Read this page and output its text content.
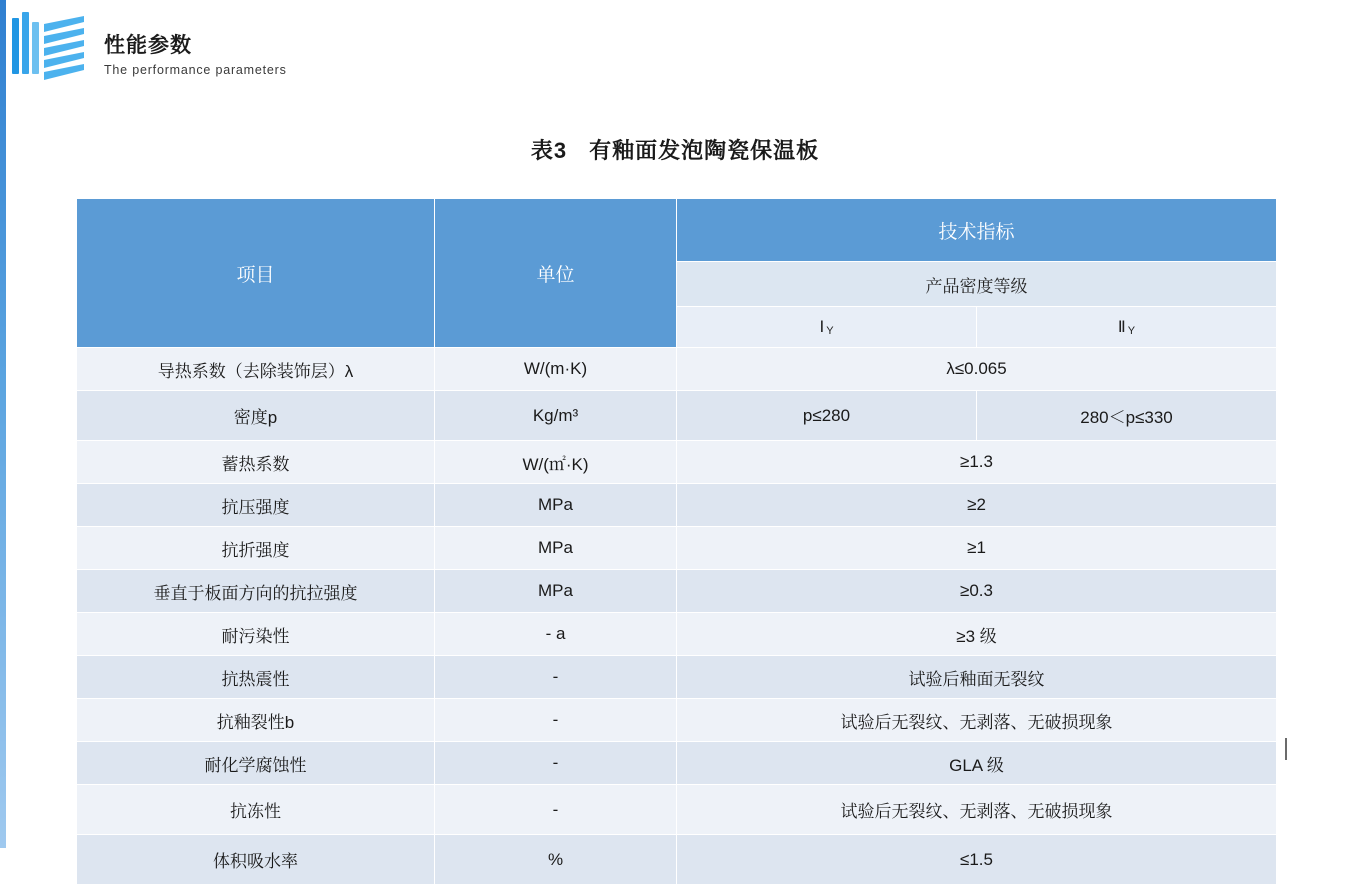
性能参数
The performance parameters
表3 有釉面发泡陶瓷保温板
项目	单位	技术指标	
		产品密度等级	
		Ⅰ Y	Ⅱ Y
导热系数（去除装饰层）λ	W/(m·K)	λ≤0.065	
密度p	Kg/m³	p≤280	280＜p≤330
蓄热系数	W/(㎡·K)	≥1.3	
抗压强度	MPa	≥2	
抗折强度	MPa	≥1	
垂直于板面方向的抗拉强度	MPa	≥0.3	
耐污染性	- a	≥3 级	
抗热震性	-	试验后釉面无裂纹	
抗釉裂性b	-	试验后无裂纹、无剥落、无破损现象	
耐化学腐蚀性	-	GLA 级	
抗冻性	-	试验后无裂纹、无剥落、无破损现象	
体积吸水率	%	≤1.5	
